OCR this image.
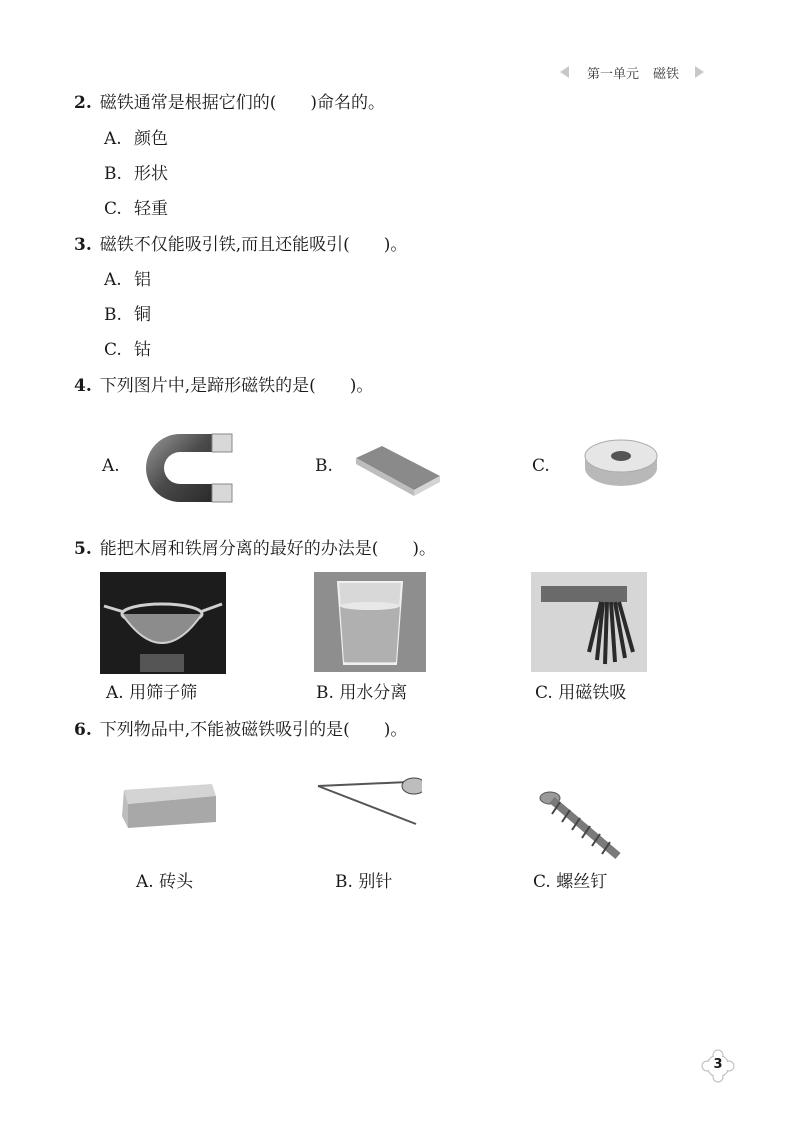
第一单元 磁铁
2. 磁铁通常是根据它们的(　　)命名的。
A. 颜色
B. 形状
C. 轻重
3. 磁铁不仅能吸引铁,而且还能吸引(　　)。
A. 铝
B. 铜
C. 钴
4. 下列图片中,是蹄形磁铁的是(　　)。
A.	B.	C.
5. 能把木屑和铁屑分离的最好的办法是(　　)。
A. 用筛子筛	B. 用水分离	C. 用磁铁吸
6. 下列物品中,不能被磁铁吸引的是(　　)。
A. 砖头	B. 别针	C. 螺丝钉
3
